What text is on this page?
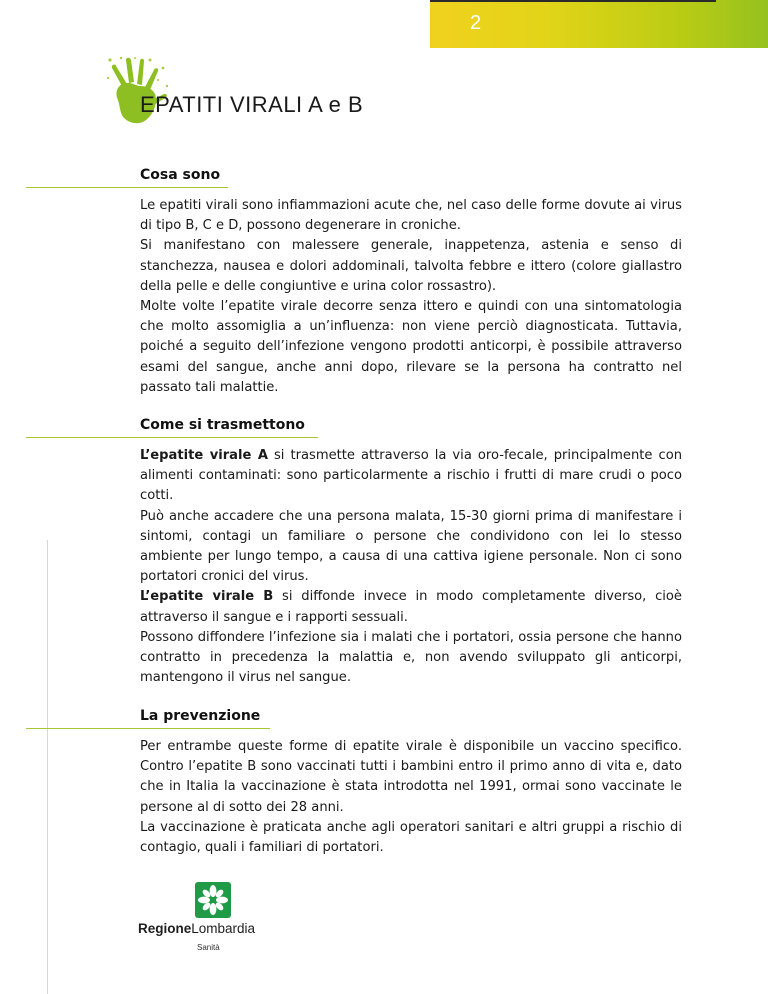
2
EPATITI VIRALI A e B
Cosa sono

Le epatiti virali sono infiammazioni acute che, nel caso delle forme dovute ai virus di tipo B, C e D, possono degenerare in croniche.

Si manifestano con malessere generale, inappetenza, astenia e senso di stanchezza, nausea e dolori addominali, talvolta febbre e ittero (colore giallastro della pelle e delle congiuntive e urina color rossastro).

Molte volte l’epatite virale decorre senza ittero e quindi con una sintomatologia che molto assomiglia a un’influenza: non viene perciò diagnosticata. Tuttavia, poiché a seguito dell’infezione vengono prodotti anticorpi, è possibile attraverso esami del sangue, anche anni dopo, rilevare se la persona ha contratto nel passato tali malattie.

Come si trasmettono

L’epatite virale A si trasmette attraverso la via oro-fecale, principalmente con alimenti contaminati: sono particolarmente a rischio i frutti di mare crudi o poco cotti.

Può anche accadere che una persona malata, 15-30 giorni prima di manifestare i sintomi, contagi un familiare o persone che condividono con lei lo stesso ambiente per lungo tempo, a causa di una cattiva igiene personale. Non ci sono portatori cronici del virus.

L’epatite virale B si diffonde invece in modo completamente diverso, cioè attraverso il sangue e i rapporti sessuali.

Possono diffondere l’infezione sia i malati che i portatori, ossia persone che hanno contratto in precedenza la malattia e, non avendo sviluppato gli anticorpi, mantengono il virus nel sangue.

La prevenzione

Per entrambe queste forme di epatite virale è disponibile un vaccino specifico. Contro l’epatite B sono vaccinati tutti i bambini entro il primo anno di vita e, dato che in Italia la vaccinazione è stata introdotta nel 1991, ormai sono vaccinate le persone al di sotto dei 28 anni.

La vaccinazione è praticata anche agli operatori sanitari e altri gruppi a rischio di contagio, quali i familiari di portatori.

RegioneLombardia

Sanità
